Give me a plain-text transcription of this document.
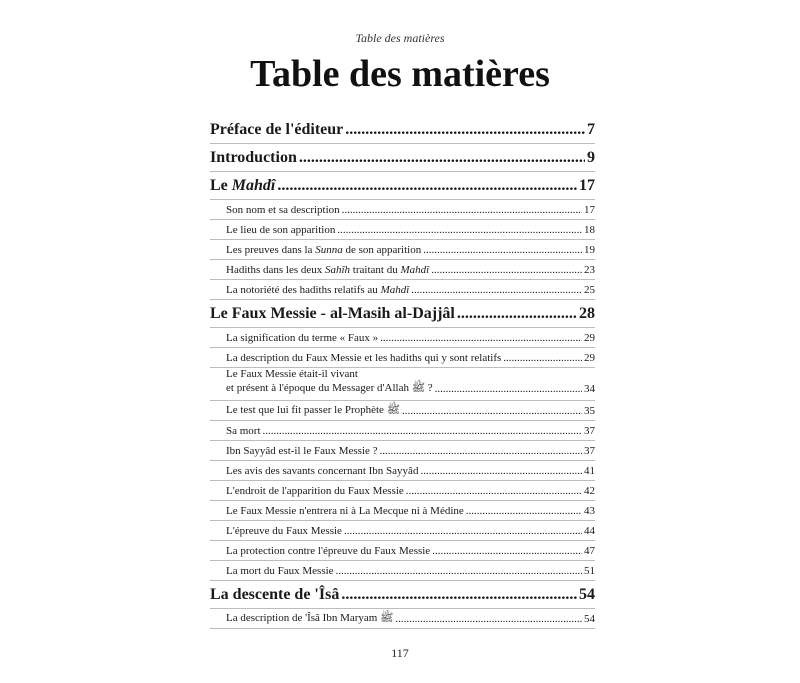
Table des matières
Table des matières
Préface de l'éditeur .....	7
Introduction .....	9
Le Mahdî .....	17
Son nom et sa description .....	17
Le lieu de son apparition .....	18
Les preuves dans la Sunna de son apparition .....	19
Hadiths dans les deux Sahîh traitant du Mahdî .....	23
La notoriété des hadiths relatifs au Mahdî .....	25
Le Faux Messie - al-Masih al-Dajjâl .....	28
La signification du terme « Faux » .....	29
La description du Faux Messie et les hadiths qui y sont relatifs .....	29
Le Faux Messie était-il vivant
et présent à l'époque du Messager d'Allah ﷺ ? .....	34
Le test que lui fit passer le Prophète ﷺ .....	35
Sa mort .....	37
Ibn Sayyâd est-il le Faux Messie ? .....	37
Les avis des savants concernant Ibn Sayyâd .....	41
L'endroit de l'apparition du Faux Messie .....	42
Le Faux Messie n'entrera ni à La Mecque ni à Médine .....	43
L'épreuve du Faux Messie .....	44
La protection contre l'épreuve du Faux Messie .....	47
La mort du Faux Messie .....	51
La descente de 'Îsâ .....	54
La description de 'Îsâ Ibn Maryam ﷺ .....	54
117
